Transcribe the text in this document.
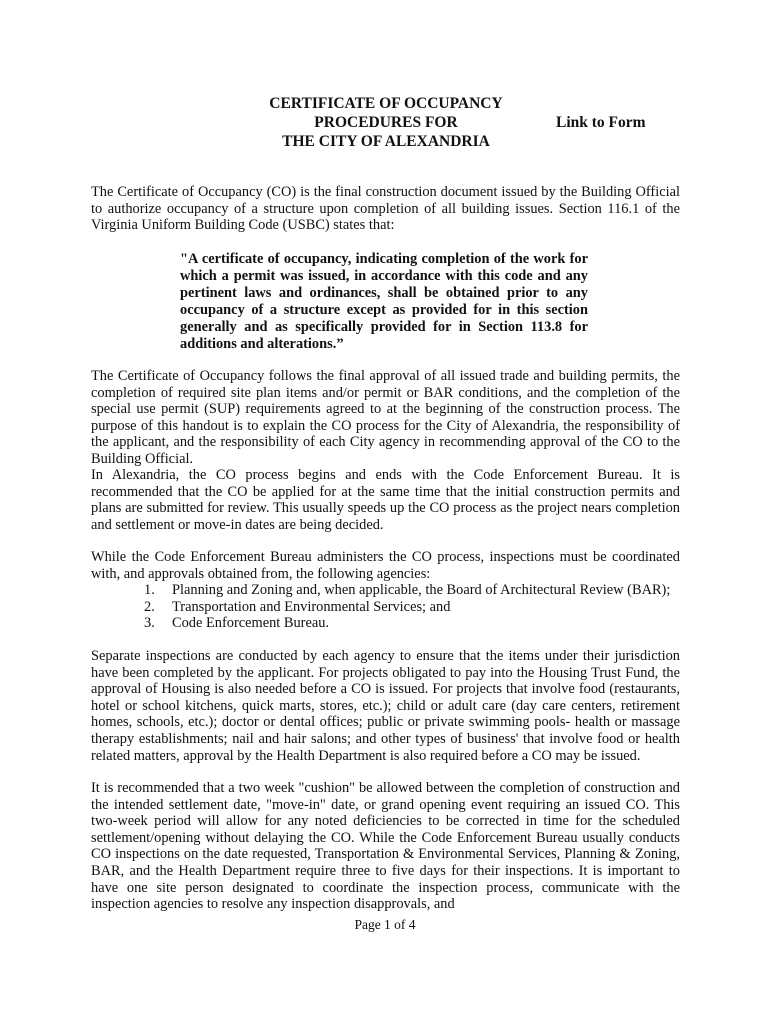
CERTIFICATE OF OCCUPANCY
PROCEDURES FOR
THE CITY OF ALEXANDRIA
Link to Form

The Certificate of Occupancy (CO) is the final construction document issued by the Building Official to authorize occupancy of a structure upon completion of all building issues. Section 116.1 of the Virginia Uniform Building Code (USBC) states that:

"A certificate of occupancy, indicating completion of the work for which a permit was issued, in accordance with this code and any pertinent laws and ordinances, shall be obtained prior to any occupancy of a structure except as provided for in this section generally and as specifically provided for in Section 113.8 for additions and alterations.”

The Certificate of Occupancy follows the final approval of all issued trade and building permits, the completion of required site plan items and/or permit or BAR conditions, and the completion of the special use permit (SUP) requirements agreed to at the beginning of the construction process. The purpose of this handout is to explain the CO process for the City of Alexandria, the responsibility of the applicant, and the responsibility of each City agency in recommending approval of the CO to the Building Official.

In Alexandria, the CO process begins and ends with the Code Enforcement Bureau. It is recommended that the CO be applied for at the same time that the initial construction permits and plans are submitted for review. This usually speeds up the CO process as the project nears completion and settlement or move-in dates are being decided.

While the Code Enforcement Bureau administers the CO process, inspections must be coordinated with, and approvals obtained from, the following agencies:

1. Planning and Zoning and, when applicable, the Board of Architectural Review (BAR);
2. Transportation and Environmental Services; and
3. Code Enforcement Bureau.

Separate inspections are conducted by each agency to ensure that the items under their jurisdiction have been completed by the applicant. For projects obligated to pay into the Housing Trust Fund, the approval of Housing is also needed before a CO is issued. For projects that involve food (restaurants, hotel or school kitchens, quick marts, stores, etc.); child or adult care (day care centers, retirement homes, schools, etc.); doctor or dental offices; public or private swimming pools- health or massage therapy establishments; nail and hair salons; and other types of business' that involve food or health related matters, approval by the Health Department is also required before a CO may be issued.

It is recommended that a two week "cushion" be allowed between the completion of construction and the intended settlement date, "move-in" date, or grand opening event requiring an issued CO. This two-week period will allow for any noted deficiencies to be corrected in time for the scheduled settlement/opening without delaying the CO. While the Code Enforcement Bureau usually conducts CO inspections on the date requested, Transportation & Environmental Services, Planning & Zoning, BAR, and the Health Department require three to five days for their inspections. It is important to have one site person designated to coordinate the inspection process, communicate with the inspection agencies to resolve any inspection disapprovals, and

Page 1 of 4
